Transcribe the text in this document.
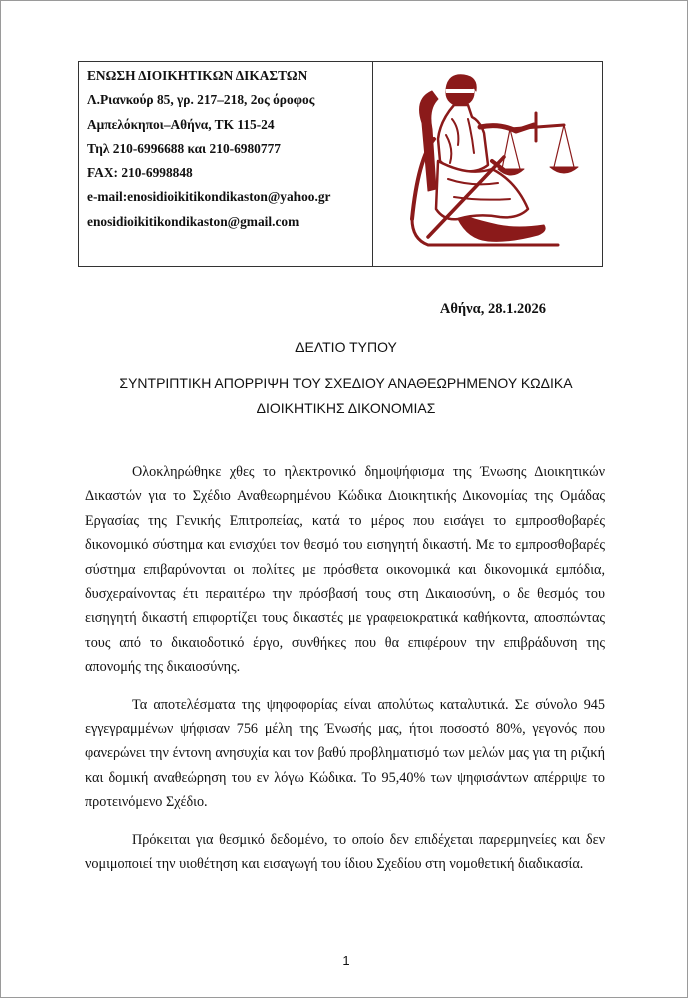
ΕΝΩΣΗ ΔΙΟΙΚΗΤΙΚΩΝ ΔΙΚΑΣΤΩΝ
Λ.Ριανκούρ 85, γρ. 217–218, 2ος όροφος
Αμπελόκηποι–Αθήνα, ΤΚ 115-24
Τηλ 210-6996688 και 210-6980777
FAX: 210-6998848
e-mail:enosidioikitikondikaston@yahoo.gr
enosidioikitikondikaston@gmail.com
Αθήνα, 28.1.2026
ΔΕΛΤΙΟ ΤΥΠΟΥ
ΣΥΝΤΡΙΠΤΙΚΗ ΑΠΟΡΡΙΨΗ ΤΟΥ ΣΧΕΔΙΟΥ ΑΝΑΘΕΩΡΗΜΕΝΟΥ ΚΩΔΙΚΑ
ΔΙΟΙΚΗΤΙΚΗΣ ΔΙΚΟΝΟΜΙΑΣ

Ολοκληρώθηκε χθες το ηλεκτρονικό δημοψήφισμα της Ένωσης Διοικητικών Δικαστών για το Σχέδιο Αναθεωρημένου Κώδικα Διοικητικής Δικονομίας της Ομάδας Εργασίας της Γενικής Επιτροπείας, κατά το μέρος που εισάγει το εμπροσθοβαρές δικονομικό σύστημα και ενισχύει τον θεσμό του εισηγητή δικαστή. Με το εμπροσθοβαρές σύστημα επιβαρύνονται οι πολίτες με πρόσθετα οικονομικά και δικονομικά εμπόδια, δυσχεραίνοντας έτι περαιτέρω την πρόσβασή τους στη Δικαιοσύνη, ο δε θεσμός του εισηγητή δικαστή επιφορτίζει τους δικαστές με γραφειοκρατικά καθήκοντα, αποσπώντας τους από το δικαιοδοτικό έργο, συνθήκες που θα επιφέρουν την επιβράδυνση της απονομής της δικαιοσύνης.

Τα αποτελέσματα της ψηφοφορίας είναι απολύτως καταλυτικά. Σε σύνολο 945 εγγεγραμμένων ψήφισαν 756 μέλη της Ένωσής μας, ήτοι ποσοστό 80%, γεγονός που φανερώνει την έντονη ανησυχία και τον βαθύ προβληματισμό των μελών μας για τη ριζική και δομική αναθεώρηση του εν λόγω Κώδικα. Το 95,40% των ψηφισάντων απέρριψε το προτεινόμενο Σχέδιο.

Πρόκειται για θεσμικό δεδομένο, το οποίο δεν επιδέχεται παρερμηνείες και δεν νομιμοποιεί την υιοθέτηση και εισαγωγή του ίδιου Σχεδίου στη νομοθετική διαδικασία.

1
